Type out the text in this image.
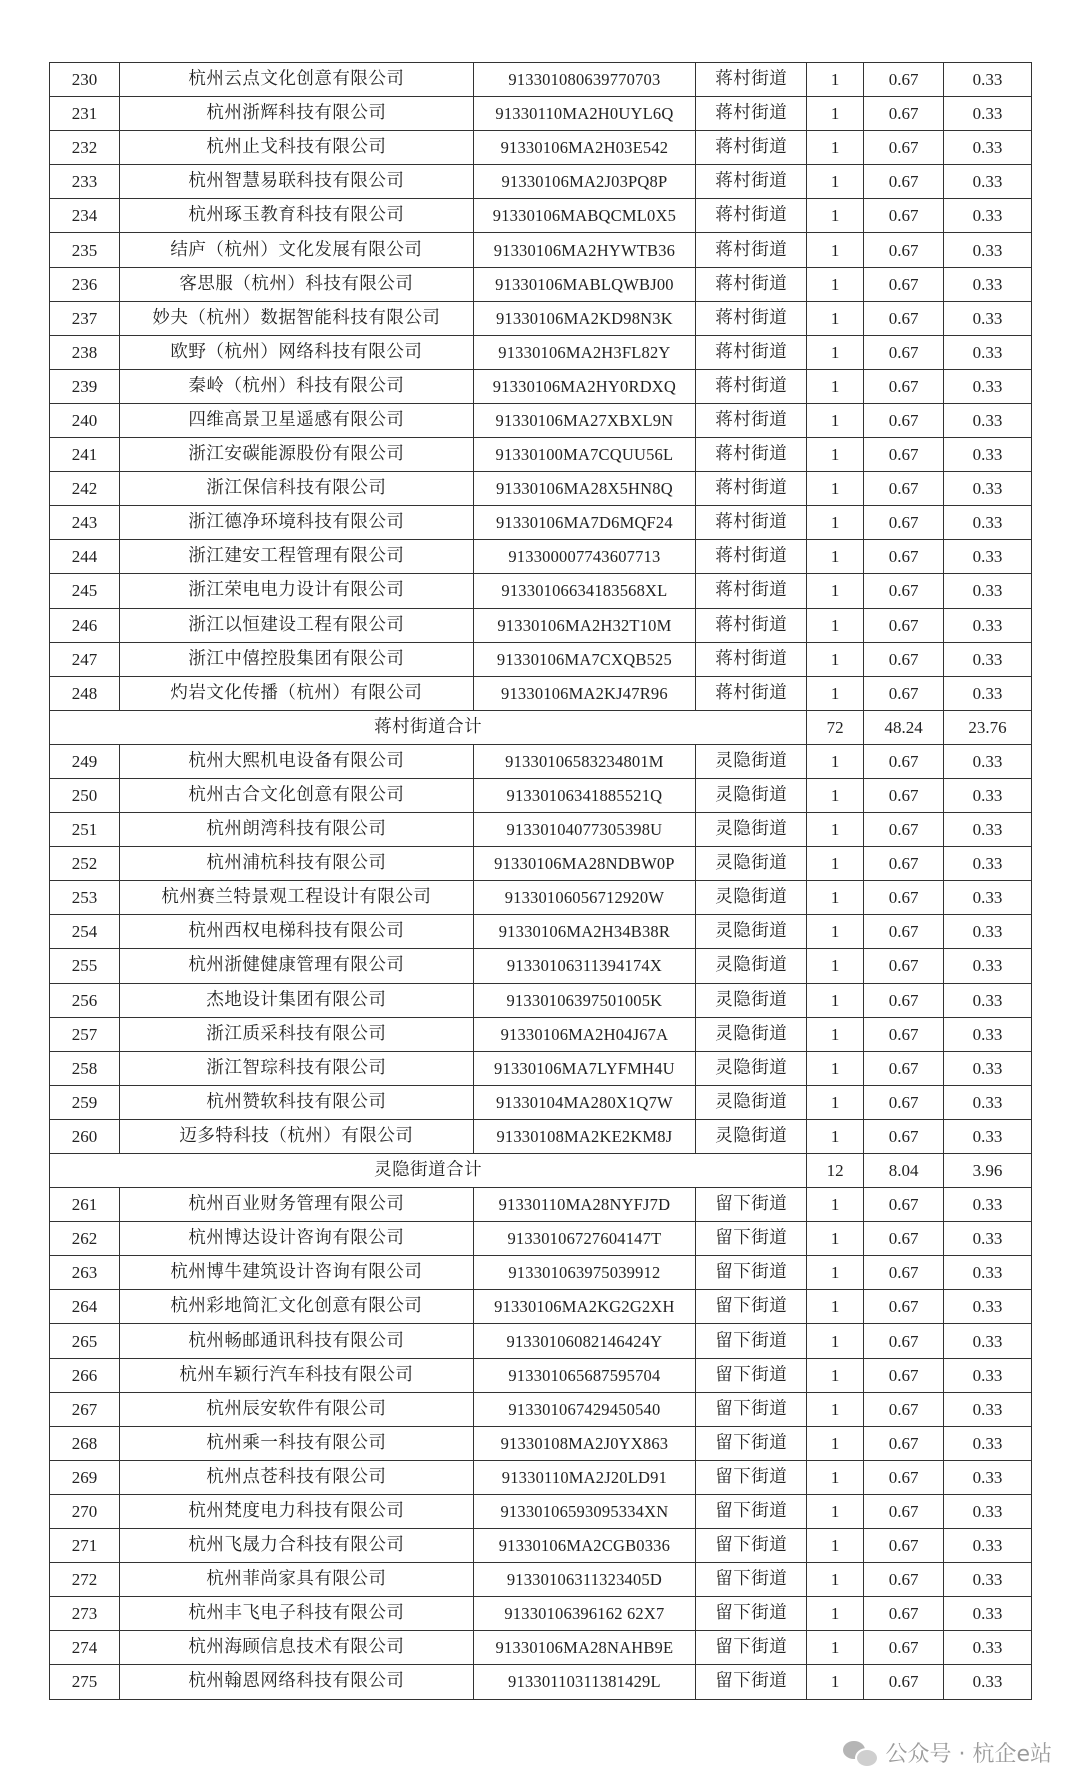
230	杭州云点文化创意有限公司	913301080639770703	蒋村街道	1	0.67	0.33
231	杭州浙辉科技有限公司	91330110MA2H0UYL6Q	蒋村街道	1	0.67	0.33
232	杭州止戈科技有限公司	91330106MA2H03E542	蒋村街道	1	0.67	0.33
233	杭州智慧易联科技有限公司	91330106MA2J03PQ8P	蒋村街道	1	0.67	0.33
234	杭州琢玉教育科技有限公司	91330106MABQCML0X5	蒋村街道	1	0.67	0.33
235	结庐（杭州）文化发展有限公司	91330106MA2HYWTB36	蒋村街道	1	0.67	0.33
236	客思服（杭州）科技有限公司	91330106MABLQWBJ00	蒋村街道	1	0.67	0.33
237	妙夬（杭州）数据智能科技有限公司	91330106MA2KD98N3K	蒋村街道	1	0.67	0.33
238	欧野（杭州）网络科技有限公司	91330106MA2H3FL82Y	蒋村街道	1	0.67	0.33
239	秦岭（杭州）科技有限公司	91330106MA2HY0RDXQ	蒋村街道	1	0.67	0.33
240	四维高景卫星遥感有限公司	91330106MA27XBXL9N	蒋村街道	1	0.67	0.33
241	浙江安碳能源股份有限公司	91330100MA7CQUU56L	蒋村街道	1	0.67	0.33
242	浙江保信科技有限公司	91330106MA28X5HN8Q	蒋村街道	1	0.67	0.33
243	浙江德净环境科技有限公司	91330106MA7D6MQF24	蒋村街道	1	0.67	0.33
244	浙江建安工程管理有限公司	913300007743607713	蒋村街道	1	0.67	0.33
245	浙江荣电电力设计有限公司	91330106634183568XL	蒋村街道	1	0.67	0.33
246	浙江以恒建设工程有限公司	91330106MA2H32T10M	蒋村街道	1	0.67	0.33
247	浙江中僖控股集团有限公司	91330106MA7CXQB525	蒋村街道	1	0.67	0.33
248	灼岩文化传播（杭州）有限公司	91330106MA2KJ47R96	蒋村街道	1	0.67	0.33
蒋村街道合计				72	48.24	23.76
249	杭州大熙机电设备有限公司	91330106583234801M	灵隐街道	1	0.67	0.33
250	杭州古合文化创意有限公司	91330106341885521Q	灵隐街道	1	0.67	0.33
251	杭州朗湾科技有限公司	91330104077305398U	灵隐街道	1	0.67	0.33
252	杭州浦杭科技有限公司	91330106MA28NDBW0P	灵隐街道	1	0.67	0.33
253	杭州赛兰特景观工程设计有限公司	91330106056712920W	灵隐街道	1	0.67	0.33
254	杭州西权电梯科技有限公司	91330106MA2H34B38R	灵隐街道	1	0.67	0.33
255	杭州浙健健康管理有限公司	91330106311394174X	灵隐街道	1	0.67	0.33
256	杰地设计集团有限公司	91330106397501005K	灵隐街道	1	0.67	0.33
257	浙江质采科技有限公司	91330106MA2H04J67A	灵隐街道	1	0.67	0.33
258	浙江智琮科技有限公司	91330106MA7LYFMH4U	灵隐街道	1	0.67	0.33
259	杭州赞软科技有限公司	91330104MA280X1Q7W	灵隐街道	1	0.67	0.33
260	迈多特科技（杭州）有限公司	91330108MA2KE2KM8J	灵隐街道	1	0.67	0.33
灵隐街道合计				12	8.04	3.96
261	杭州百业财务管理有限公司	91330110MA28NYFJ7D	留下街道	1	0.67	0.33
262	杭州博达设计咨询有限公司	91330106727604147T	留下街道	1	0.67	0.33
263	杭州博牛建筑设计咨询有限公司	913301063975039912	留下街道	1	0.67	0.33
264	杭州彩地简汇文化创意有限公司	91330106MA2KG2G2XH	留下街道	1	0.67	0.33
265	杭州畅邮通讯科技有限公司	91330106082146424Y	留下街道	1	0.67	0.33
266	杭州车颖行汽车科技有限公司	913301065687595704	留下街道	1	0.67	0.33
267	杭州辰安软件有限公司	913301067429450540	留下街道	1	0.67	0.33
268	杭州乘一科技有限公司	91330108MA2J0YX863	留下街道	1	0.67	0.33
269	杭州点苍科技有限公司	91330110MA2J20LD91	留下街道	1	0.67	0.33
270	杭州梵度电力科技有限公司	91330106593095334XN	留下街道	1	0.67	0.33
271	杭州飞晟力合科技有限公司	91330106MA2CGB0336	留下街道	1	0.67	0.33
272	杭州菲尚家具有限公司	91330106311323405D	留下街道	1	0.67	0.33
273	杭州丰飞电子科技有限公司	91330106396162 62X7	留下街道	1	0.67	0.33
274	杭州海顾信息技术有限公司	91330106MA28NAHB9E	留下街道	1	0.67	0.33
275	杭州翰恩网络科技有限公司	91330110311381429L	留下街道	1	0.67	0.33
公众号 · 杭企e站
